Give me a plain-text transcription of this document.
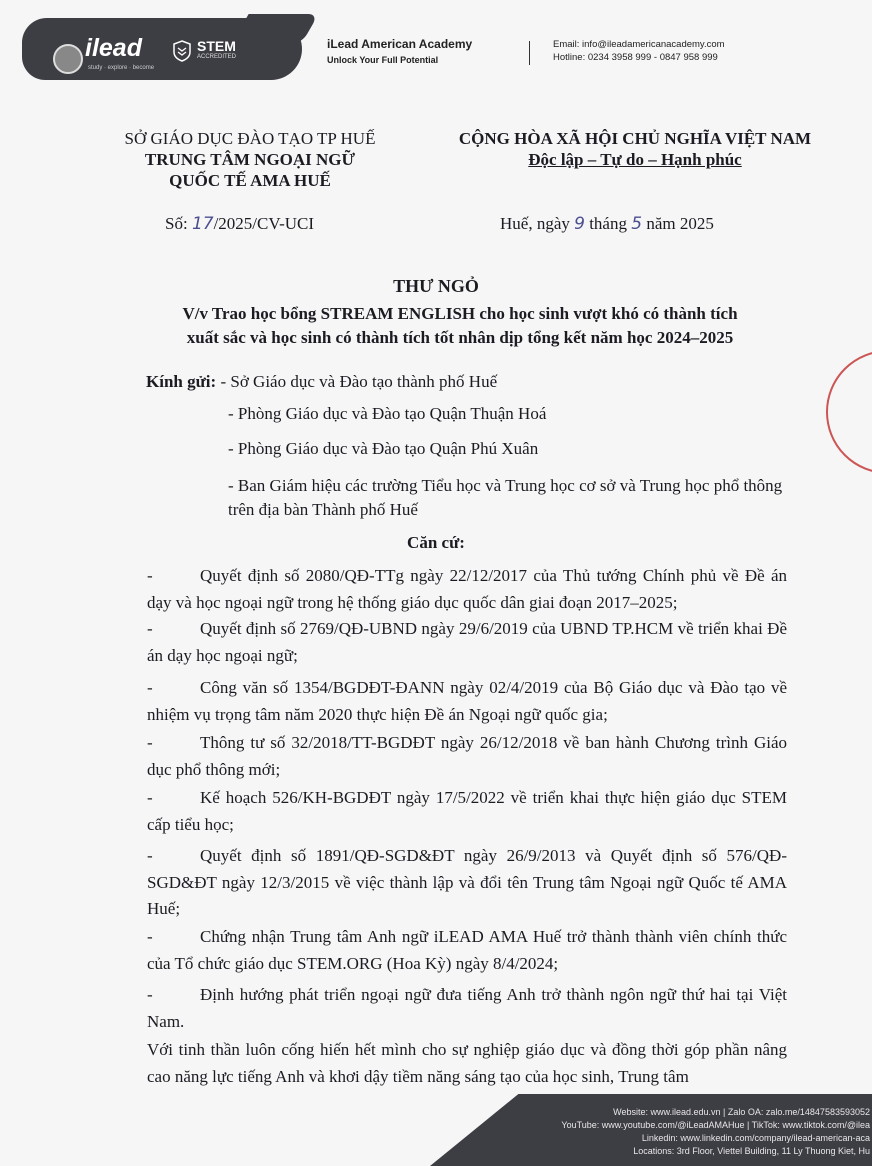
ilead
study · explore · become
STEM
ACCREDITED
iLead American Academy
Unlock Your Full Potential
Email: info@ileadamericanacademy.com
Hotline: 0234 3958 999 - 0847 958 999
SỞ GIÁO DỤC ĐÀO TẠO TP HUẾ
TRUNG TÂM NGOẠI NGỮ
QUỐC TẾ AMA HUẾ
CỘNG HÒA XÃ HỘI CHỦ NGHĨA VIỆT NAM
Độc lập – Tự do – Hạnh phúc
Số: 17/2025/CV-UCI	Huế, ngày 9 tháng 5 năm 2025
THƯ NGỎ
V/v Trao học bổng STREAM ENGLISH cho học sinh vượt khó có thành tích
xuất sắc và học sinh có thành tích tốt nhân dịp tổng kết năm học 2024–2025
Kính gửi: - Sở Giáo dục và Đào tạo thành phố Huế
- Phòng Giáo dục và Đào tạo Quận Thuận Hoá
- Phòng Giáo dục và Đào tạo Quận Phú Xuân
- Ban Giám hiệu các trường Tiểu học và Trung học cơ sở và Trung học phổ thông trên địa bàn Thành phố Huế
Căn cứ:
-	Quyết định số 2080/QĐ-TTg ngày 22/12/2017 của Thủ tướng Chính phủ về Đề án dạy và học ngoại ngữ trong hệ thống giáo dục quốc dân giai đoạn 2017–2025;
-	Quyết định số 2769/QĐ-UBND ngày 29/6/2019 của UBND TP.HCM về triển khai Đề án dạy học ngoại ngữ;
-	Công văn số 1354/BGDĐT-ĐANN ngày 02/4/2019 của Bộ Giáo dục và Đào tạo về nhiệm vụ trọng tâm năm 2020 thực hiện Đề án Ngoại ngữ quốc gia;
-	Thông tư số 32/2018/TT-BGDĐT ngày 26/12/2018 về ban hành Chương trình Giáo dục phổ thông mới;
-	Kế hoạch 526/KH-BGDĐT ngày 17/5/2022 về triển khai thực hiện giáo dục STEM cấp tiểu học;
-	Quyết định số 1891/QĐ-SGD&ĐT ngày 26/9/2013 và Quyết định số 576/QĐ-SGD&ĐT ngày 12/3/2015 về việc thành lập và đổi tên Trung tâm Ngoại ngữ Quốc tế AMA Huế;
-	Chứng nhận Trung tâm Anh ngữ iLEAD AMA Huế trở thành thành viên chính thức của Tổ chức giáo dục STEM.ORG (Hoa Kỳ) ngày 8/4/2024;
-	Định hướng phát triển ngoại ngữ đưa tiếng Anh trở thành ngôn ngữ thứ hai tại Việt Nam.
Với tinh thần luôn cống hiến hết mình cho sự nghiệp giáo dục và đồng thời góp phần nâng cao năng lực tiếng Anh và khơi dậy tiềm năng sáng tạo của học sinh, Trung tâm
Website: www.ilead.edu.vn | Zalo OA: zalo.me/14847583593052
YouTube: www.youtube.com/@iLeadAMAHue | TikTok: www.tiktok.com/@ilea
Linkedin: www.linkedin.com/company/ilead-american-aca
Locations: 3rd Floor, Viettel Building, 11 Ly Thuong Kiet, Hu
